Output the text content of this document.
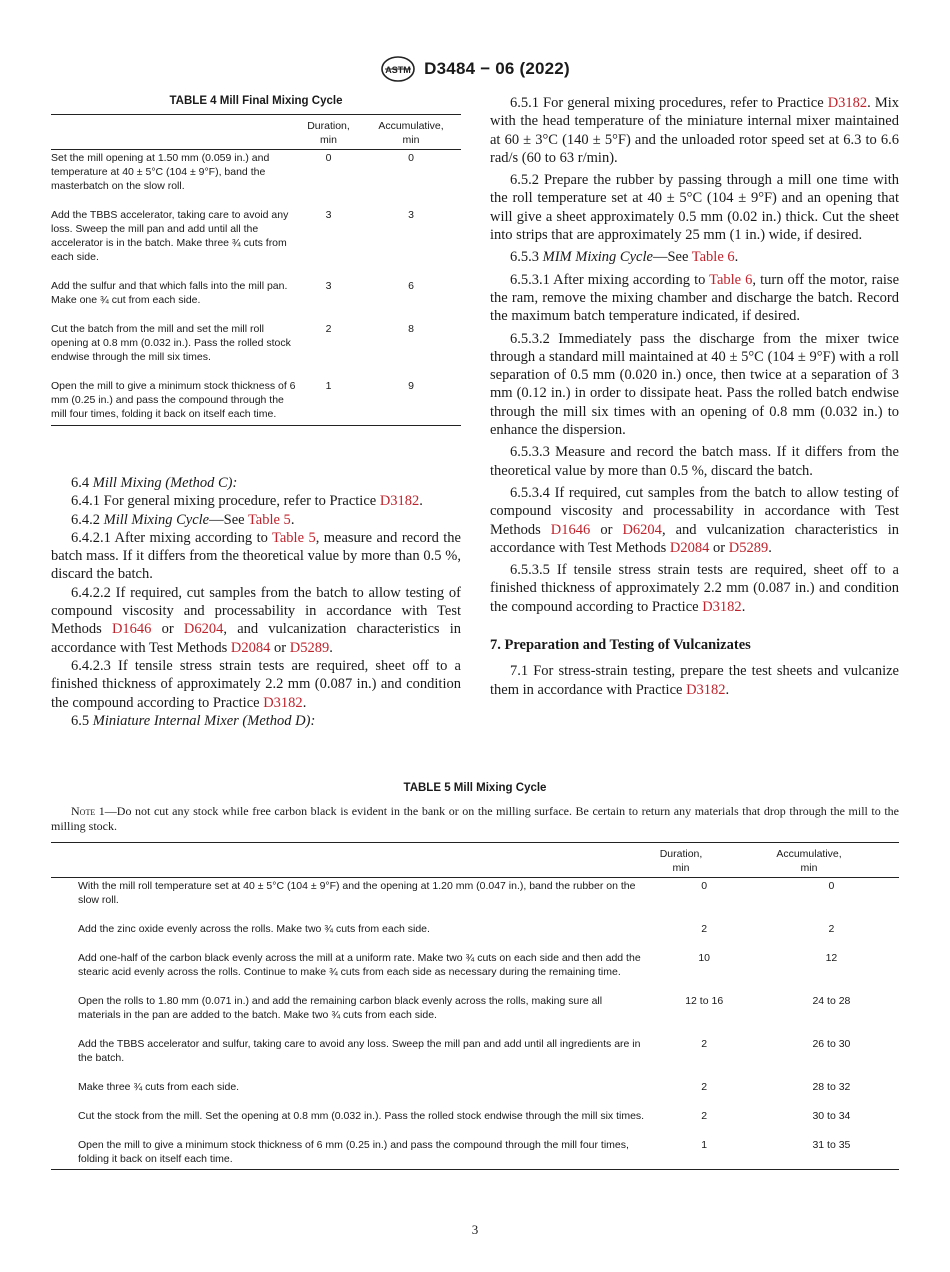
ASTM D3484 − 06 (2022)
TABLE 4 Mill Final Mixing Cycle
Duration,
min
Accumulative,
min
Set the mill opening at 1.50 mm (0.059 in.) and temperature at 40 ± 5°C (104 ± 9°F), band the masterbatch on the slow roll.
0	0
Add the TBBS accelerator, taking care to avoid any loss. Sweep the mill pan and add until all the accelerator is in the batch. Make three ¾ cuts from each side.
3	3
Add the sulfur and that which falls into the mill pan. Make one ¾ cut from each side.
3	6
Cut the batch from the mill and set the mill roll opening at 0.8 mm (0.032 in.). Pass the rolled stock endwise through the mill six times.
2	8
Open the mill to give a minimum stock thickness of 6 mm (0.25 in.) and pass the compound through the mill four times, folding it back on itself each time.
1	9

6.4 Mill Mixing (Method C):

6.4.1 For general mixing procedure, refer to Practice D3182.

6.4.2 Mill Mixing Cycle—See Table 5.

6.4.2.1 After mixing according to Table 5, measure and record the batch mass. If it differs from the theoretical value by more than 0.5 %, discard the batch.

6.4.2.2 If required, cut samples from the batch to allow testing of compound viscosity and processability in accordance with Test Methods D1646 or D6204, and vulcanization characteristics in accordance with Test Methods D2084 or D5289.

6.4.2.3 If tensile stress strain tests are required, sheet off to a finished thickness of approximately 2.2 mm (0.087 in.) and condition the compound according to Practice D3182.

6.5 Miniature Internal Mixer (Method D):

6.5.1 For general mixing procedures, refer to Practice D3182. Mix with the head temperature of the miniature internal mixer maintained at 60 ± 3°C (140 ± 5°F) and the unloaded rotor speed set at 6.3 to 6.6 rad/s (60 to 63 r/min).

6.5.2 Prepare the rubber by passing through a mill one time with the roll temperature set at 40 ± 5°C (104 ± 9°F) and an opening that will give a sheet approximately 0.5 mm (0.02 in.) thick. Cut the sheet into strips that are approximately 25 mm (1 in.) wide, if desired.

6.5.3 MIM Mixing Cycle—See Table 6.

6.5.3.1 After mixing according to Table 6, turn off the motor, raise the ram, remove the mixing chamber and discharge the batch. Record the maximum batch temperature indicated, if desired.

6.5.3.2 Immediately pass the discharge from the mixer twice through a standard mill maintained at 40 ± 5°C (104 ± 9°F) with a roll separation of 0.5 mm (0.020 in.) once, then twice at a separation of 3 mm (0.12 in.) in order to dissipate heat. Pass the rolled batch endwise through the mill six times with an opening of 0.8 mm (0.032 in.) to enhance the dispersion.

6.5.3.3 Measure and record the batch mass. If it differs from the theoretical value by more than 0.5 %, discard the batch.

6.5.3.4 If required, cut samples from the batch to allow testing of compound viscosity and processability in accordance with Test Methods D1646 or D6204, and vulcanization characteristics in accordance with Test Methods D2084 or D5289.

6.5.3.5 If tensile stress strain tests are required, sheet off to a finished thickness of approximately 2.2 mm (0.087 in.) and condition the compound according to Practice D3182.

7. Preparation and Testing of Vulcanizates

7.1 For stress-strain testing, prepare the test sheets and vulcanize them in accordance with Practice D3182.

TABLE 5 Mill Mixing Cycle
Note 1—Do not cut any stock while free carbon black is evident in the bank or on the milling surface. Be certain to return any materials that drop through the mill to the milling stock.
Duration,
min
Accumulative,
min
With the mill roll temperature set at 40 ± 5°C (104 ± 9°F) and the opening at 1.20 mm (0.047 in.), band the rubber on the slow roll.
0	0
Add the zinc oxide evenly across the rolls. Make two ¾ cuts from each side.	2	2
Add one-half of the carbon black evenly across the mill at a uniform rate. Make two ¾ cuts on each side and then add the stearic acid evenly across the rolls. Continue to make ¾ cuts from each side as necessary during the remaining time.
10	12
Open the rolls to 1.80 mm (0.071 in.) and add the remaining carbon black evenly across the rolls, making sure all materials in the pan are added to the batch. Make two ¾ cuts from each side.
12 to 16	24 to 28
Add the TBBS accelerator and sulfur, taking care to avoid any loss. Sweep the mill pan and add until all ingredients are in the batch.
2	26 to 30
Make three ¾ cuts from each side.	2	28 to 32
Cut the stock from the mill. Set the opening at 0.8 mm (0.032 in.). Pass the rolled stock endwise through the mill six times.	2	30 to 34
Open the mill to give a minimum stock thickness of 6 mm (0.25 in.) and pass the compound through the mill four times, folding it back on itself each time.
1	31 to 35
3
